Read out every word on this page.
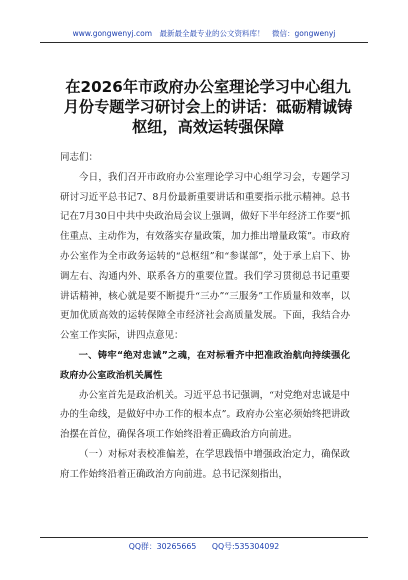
www.gongwenyj.com　最新最全最专业的公文资料库！　微信：gongwenyj
在2026年市政府办公室理论学习中心组九月份专题学习研讨会上的讲话：砥砺精诚铸枢纽，高效运转强保障

同志们：

今日，我们召开市政府办公室理论学习中心组学习会，专题学习研讨习近平总书记7、8月份最新重要讲话和重要指示批示精神。总书记在7月30日中共中央政治局会议上强调，做好下半年经济工作要“抓住重点、主动作为，有效落实存量政策，加力推出增量政策”。市政府办公室作为全市政务运转的“总枢纽”和“参谋部”，处于承上启下、协调左右、沟通内外、联系各方的重要位置。我们学习贯彻总书记重要讲话精神，核心就是要不断提升“三办”“三服务”工作质量和效率，以更加优质高效的运转保障全市经济社会高质量发展。下面，我结合办公室工作实际，讲四点意见：

一、铸牢“绝对忠诚”之魂，在对标看齐中把准政治航向持续强化政府办公室政治机关属性

办公室首先是政治机关。习近平总书记强调，“对党绝对忠诚是中办的生命线，是做好中办工作的根本点”。政府办公室必须始终把讲政治摆在首位，确保各项工作始终沿着正确政治方向前进。

（一）对标对表校准偏差，在学思践悟中增强政治定力，确保政府工作始终沿着正确政治方向前进。总书记深刻指出，

QQ群：30265665　　QQ号:535304092
